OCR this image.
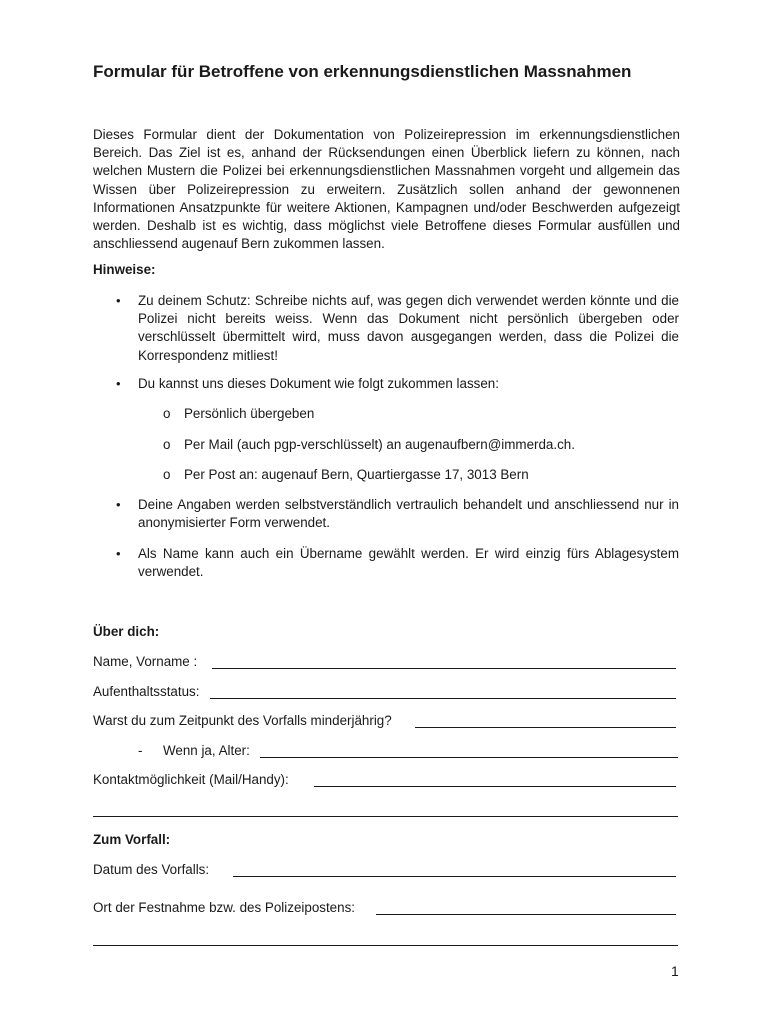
Formular für Betroffene von erkennungsdienstlichen Massnahmen
Dieses Formular dient der Dokumentation von Polizeirepression im erkennungsdienstlichen Bereich. Das Ziel ist es, anhand der Rücksendungen einen Überblick liefern zu können, nach welchen Mustern die Polizei bei erkennungsdienstlichen Massnahmen vorgeht und allgemein das Wissen über Polizeirepression zu erweitern. Zusätzlich sollen anhand der gewonnenen Informationen Ansatzpunkte für weitere Aktionen, Kampagnen und/oder Beschwerden aufgezeigt werden. Deshalb ist es wichtig, dass möglichst viele Betroffene dieses Formular ausfüllen und anschliessend augenauf Bern zukommen lassen.
Hinweise:
• Zu deinem Schutz: Schreibe nichts auf, was gegen dich verwendet werden könnte und die Polizei nicht bereits weiss. Wenn das Dokument nicht persönlich übergeben oder verschlüsselt übermittelt wird, muss davon ausgegangen werden, dass die Polizei die Korrespondenz mitliest!
• Du kannst uns dieses Dokument wie folgt zukommen lassen:
o Persönlich übergeben
o Per Mail (auch pgp-verschlüsselt) an augenaufbern@immerda.ch.
o Per Post an: augenauf Bern, Quartiergasse 17, 3013 Bern
• Deine Angaben werden selbstverständlich vertraulich behandelt und anschliessend nur in anonymisierter Form verwendet.
• Als Name kann auch ein Übername gewählt werden. Er wird einzig fürs Ablagesystem verwendet.
Über dich:
Name, Vorname :
Aufenthaltsstatus:
Warst du zum Zeitpunkt des Vorfalls minderjährig?
- Wenn ja, Alter:
Kontaktmöglichkeit (Mail/Handy):
Zum Vorfall:
Datum des Vorfalls:
Ort der Festnahme bzw. des Polizeipostens:
1
